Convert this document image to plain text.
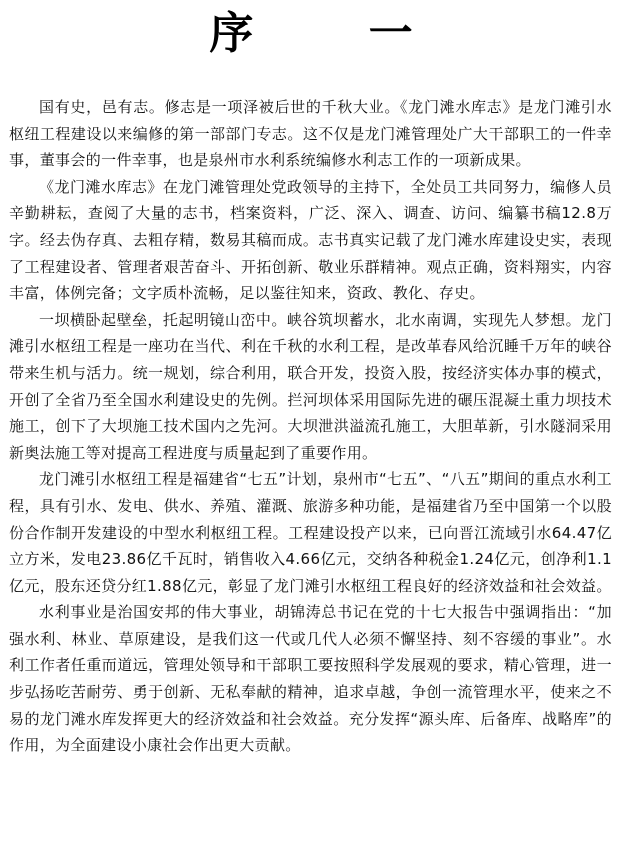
序 一

国有史，邑有志。修志是一项泽被后世的千秋大业。《龙门滩水库志》是龙门滩引水枢纽工程建设以来编修的第一部部门专志。这不仅是龙门滩管理处广大干部职工的一件幸事，董事会的一件幸事，也是泉州市水利系统编修水利志工作的一项新成果。

《龙门滩水库志》在龙门滩管理处党政领导的主持下，全处员工共同努力，编修人员辛勤耕耘，查阅了大量的志书，档案资料，广泛、深入、调查、访问、编纂书稿12.8万字。经去伪存真、去粗存精，数易其稿而成。志书真实记载了龙门滩水库建设史实，表现了工程建设者、管理者艰苦奋斗、开拓创新、敬业乐群精神。观点正确，资料翔实，内容丰富，体例完备；文字质朴流畅，足以鉴往知来，资政、教化、存史。

一坝横卧起壁垒，托起明镜山峦中。峡谷筑坝蓄水，北水南调，实现先人梦想。龙门滩引水枢纽工程是一座功在当代、利在千秋的水利工程，是改革春风给沉睡千万年的峡谷带来生机与活力。统一规划，综合利用，联合开发，投资入股，按经济实体办事的模式，开创了全省乃至全国水利建设史的先例。拦河坝体采用国际先进的碾压混凝土重力坝技术施工，创下了大坝施工技术国内之先河。大坝泄洪溢流孔施工，大胆革新，引水隧洞采用新奥法施工等对提高工程进度与质量起到了重要作用。

龙门滩引水枢纽工程是福建省“七五”计划，泉州市“七五”、“八五”期间的重点水利工程，具有引水、发电、供水、养殖、灌溉、旅游多种功能，是福建省乃至中国第一个以股份合作制开发建设的中型水利枢纽工程。工程建设投产以来，已向晋江流域引水64.47亿立方米，发电23.86亿千瓦时，销售收入4.66亿元，交纳各种税金1.24亿元，创净利1.1亿元，股东还贷分红1.88亿元，彰显了龙门滩引水枢纽工程良好的经济效益和社会效益。

水利事业是治国安邦的伟大事业，胡锦涛总书记在党的十七大报告中强调指出：“加强水利、林业、草原建设，是我们这一代或几代人必须不懈坚持、刻不容缓的事业”。水利工作者任重而道远，管理处领导和干部职工要按照科学发展观的要求，精心管理，进一步弘扬吃苦耐劳、勇于创新、无私奉献的精神，追求卓越，争创一流管理水平，使来之不易的龙门滩水库发挥更大的经济效益和社会效益。充分发挥“源头库、后备库、战略库”的作用，为全面建设小康社会作出更大贡献。
